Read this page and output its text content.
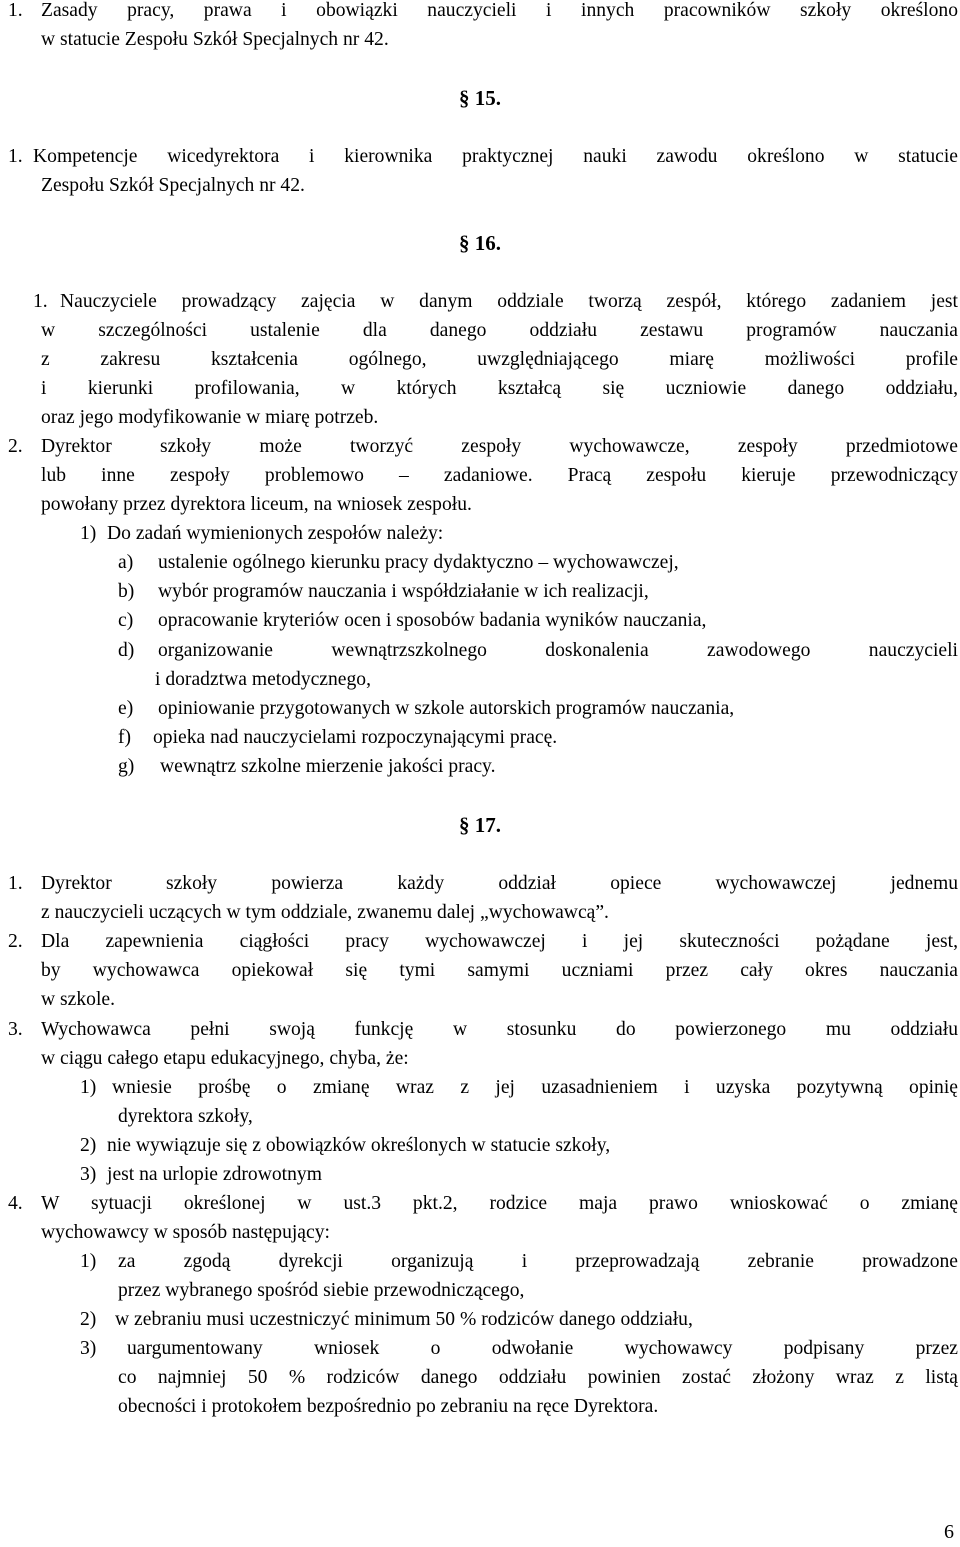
1. Zasady pracy, prawa i obowiązki nauczycieli i innych pracowników szkoły określono
w statucie Zespołu Szkół Specjalnych nr 42.
§ 15.
1. Kompetencje wicedyrektora i kierownika praktycznej nauki zawodu określono w statucie
Zespołu Szkół Specjalnych nr 42.
§ 16.
1. Nauczyciele prowadzący zajęcia w danym oddziale tworzą zespół, którego zadaniem jest
w szczególności ustalenie dla danego oddziału zestawu programów nauczania
z zakresu kształcenia ogólnego, uwzględniającego miarę możliwości profile
i kierunki profilowania, w których kształcą się uczniowie danego oddziału,
oraz jego modyfikowanie w miarę potrzeb.
2. Dyrektor szkoły może tworzyć zespoły wychowawcze, zespoły przedmiotowe
lub inne zespoły problemowo – zadaniowe. Pracą zespołu kieruje przewodniczący
powołany przez dyrektora liceum, na wniosek zespołu.
1) Do zadań wymienionych zespołów należy:
a) ustalenie ogólnego kierunku pracy dydaktyczno – wychowawczej,
b) wybór programów nauczania i współdziałanie w ich realizacji,
c) opracowanie kryteriów ocen i sposobów badania wyników nauczania,
d) organizowanie wewnątrzszkolnego doskonalenia zawodowego nauczycieli
i doradztwa metodycznego,
e) opiniowanie przygotowanych w szkole autorskich programów nauczania,
f) opieka nad nauczycielami rozpoczynającymi pracę.
g) wewnątrz szkolne mierzenie jakości pracy.
§ 17.
1. Dyrektor szkoły powierza każdy oddział opiece wychowawczej jednemu
z nauczycieli uczących w tym oddziale, zwanemu dalej „wychowawcą”.
2. Dla zapewnienia ciągłości pracy wychowawczej i jej skuteczności pożądane jest,
by wychowawca opiekował się tymi samymi uczniami przez cały okres nauczania
w szkole.
3. Wychowawca pełni swoją funkcję w stosunku do powierzonego mu oddziału
w ciągu całego etapu edukacyjnego, chyba, że:
1) wniesie prośbę o zmianę wraz z jej uzasadnieniem i uzyska pozytywną opinię
dyrektora szkoły,
2) nie wywiązuje się z obowiązków określonych w statucie szkoły,
3) jest na urlopie zdrowotnym
4. W sytuacji określonej w ust.3 pkt.2, rodzice maja prawo wnioskować o zmianę
wychowawcy w sposób następujący:
1) za zgodą dyrekcji organizują i przeprowadzają zebranie prowadzone
przez wybranego spośród siebie przewodniczącego,
2) w zebraniu musi uczestniczyć minimum 50 % rodziców danego oddziału,
3) uargumentowany wniosek o odwołanie wychowawcy podpisany przez
co najmniej 50 % rodziców danego oddziału powinien zostać złożony wraz z listą
obecności i protokołem bezpośrednio po zebraniu na ręce Dyrektora.
6
